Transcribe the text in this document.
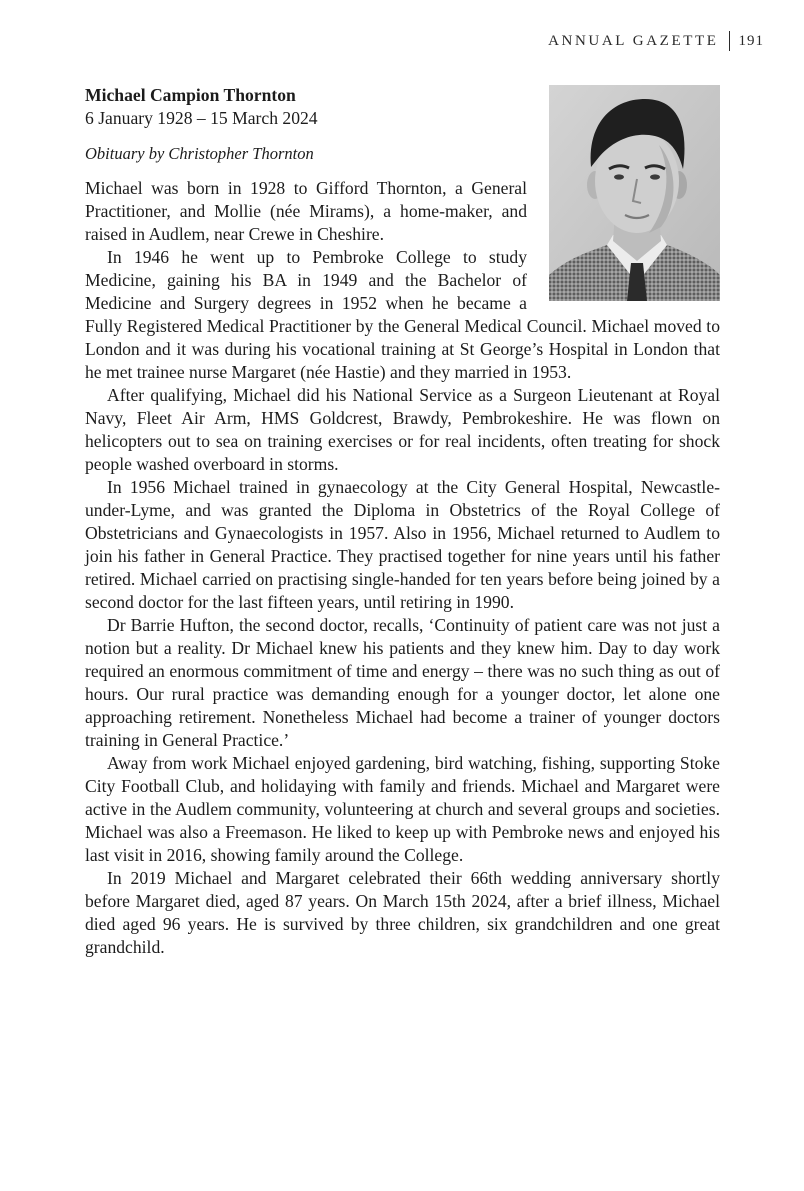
ANNUAL GAZETTE 191

Michael Campion Thornton

6 January 1928 – 15 March 2024

Obituary by Christopher Thornton

Michael was born in 1928 to Gifford Thornton, a General Practitioner, and Mollie (née Mirams), a home-maker, and raised in Audlem, near Crewe in Cheshire.

In 1946 he went up to Pembroke College to study Medicine, gaining his BA in 1949 and the Bachelor of Medicine and Surgery degrees in 1952 when he became a Fully Registered Medical Practitioner by the General Medical Council. Michael moved to London and it was during his vocational training at St George’s Hospital in London that he met trainee nurse Margaret (née Hastie) and they married in 1953.

After qualifying, Michael did his National Service as a Surgeon Lieutenant at Royal Navy, Fleet Air Arm, HMS Goldcrest, Brawdy, Pembrokeshire. He was flown on helicopters out to sea on training exercises or for real incidents, often treating for shock people washed overboard in storms.

In 1956 Michael trained in gynaecology at the City General Hospital, Newcastle-under-Lyme, and was granted the Diploma in Obstetrics of the Royal College of Obstetricians and Gynaecologists in 1957. Also in 1956, Michael returned to Audlem to join his father in General Practice. They practised together for nine years until his father retired. Michael carried on practising single-handed for ten years before being joined by a second doctor for the last fifteen years, until retiring in 1990.

Dr Barrie Hufton, the second doctor, recalls, ‘Continuity of patient care was not just a notion but a reality. Dr Michael knew his patients and they knew him. Day to day work required an enormous commitment of time and energy – there was no such thing as out of hours. Our rural practice was demanding enough for a younger doctor, let alone one approaching retirement. Nonetheless Michael had become a trainer of younger doctors training in General Practice.’

Away from work Michael enjoyed gardening, bird watching, fishing, supporting Stoke City Football Club, and holidaying with family and friends. Michael and Margaret were active in the Audlem community, volunteering at church and several groups and societies. Michael was also a Freemason. He liked to keep up with Pembroke news and enjoyed his last visit in 2016, showing family around the College.

In 2019 Michael and Margaret celebrated their 66th wedding anniversary shortly before Margaret died, aged 87 years. On March 15th 2024, after a brief illness, Michael died aged 96 years. He is survived by three children, six grandchildren and one great grandchild.
